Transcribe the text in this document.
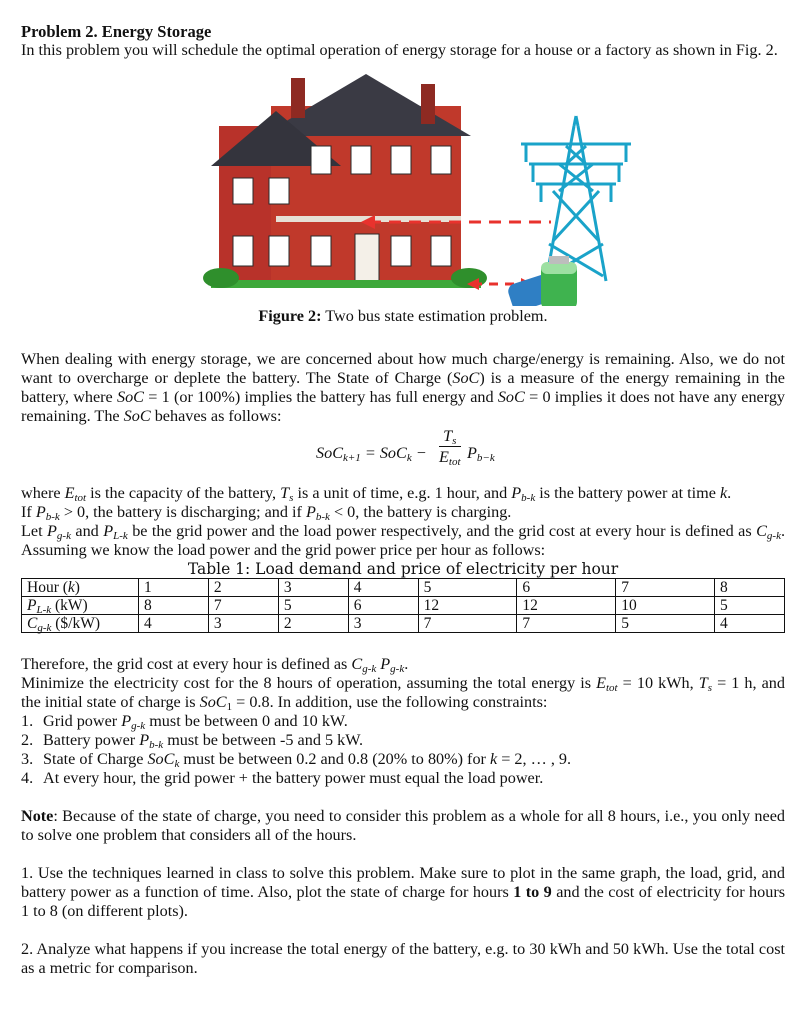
Problem 2. Energy Storage

In this problem you will schedule the optimal operation of energy storage for a house or a factory as shown in Fig. 2.

Figure 2: Two bus state estimation problem.

When dealing with energy storage, we are concerned about how much charge/energy is remaining. Also, we do not want to overcharge or deplete the battery. The State of Charge (SoC) is a measure of the energy remaining in the battery, where SoC = 1 (or 100%) implies the battery has full energy and SoC = 0 implies it does not have any energy remaining. The SoC behaves as follows:

SoC$_{k+1}$ = SoC$_k$ −
$T_s$
$E_{tot}$ $P_{b-k}$

where $E_{tot}$ is the capacity of the battery, $T_s$ is a unit of time, e.g. 1 hour, and $P_{b-k}$ is the battery power at time k.

If $P_{b-k} > 0$, the battery is discharging; and if $P_{b-k} < 0$, the battery is charging.

Let $P_{g-k}$ and $P_{L-k}$ be the grid power and the load power respectively, and the grid cost at every hour is defined as $C_{g-k}$. Assuming we know the load power and the grid power price per hour as follows:

Table 1: Load demand and price of electricity per hour
Hour (k)	1	2	3	4	5	6	7	8
$P_{L-k}$ (kW)	8	7	5	6	12	12	10	5
$C_{g-k}$ ($/kW)	4	3	2	3	7	7	5	4

Therefore, the grid cost at every hour is defined as $C_{g-k}$ $P_{g-k}$.

Minimize the electricity cost for the 8 hours of operation, assuming the total energy is $E_{tot} = 10$ kWh, $T_s = 1$ h, and the initial state of charge is SoC$_1$ = 0.8. In addition, use the following constraints:

1. Grid power $P_{g-k}$ must be between 0 and 10 kW.
2. Battery power $P_{b-k}$ must be between -5 and 5 kW.
3. State of Charge SoC$_k$ must be between 0.2 and 0.8 (20% to 80%) for k = 2, … , 9.
4. At every hour, the grid power + the battery power must equal the load power.

Note: Because of the state of charge, you need to consider this problem as a whole for all 8 hours, i.e., you only need to solve one problem that considers all of the hours.

1. Use the techniques learned in class to solve this problem. Make sure to plot in the same graph, the load, grid, and battery power as a function of time. Also, plot the state of charge for hours 1 to 9 and the cost of electricity for hours 1 to 8 (on different plots).

2. Analyze what happens if you increase the total energy of the battery, e.g. to 30 kWh and 50 kWh. Use the total cost as a metric for comparison.
